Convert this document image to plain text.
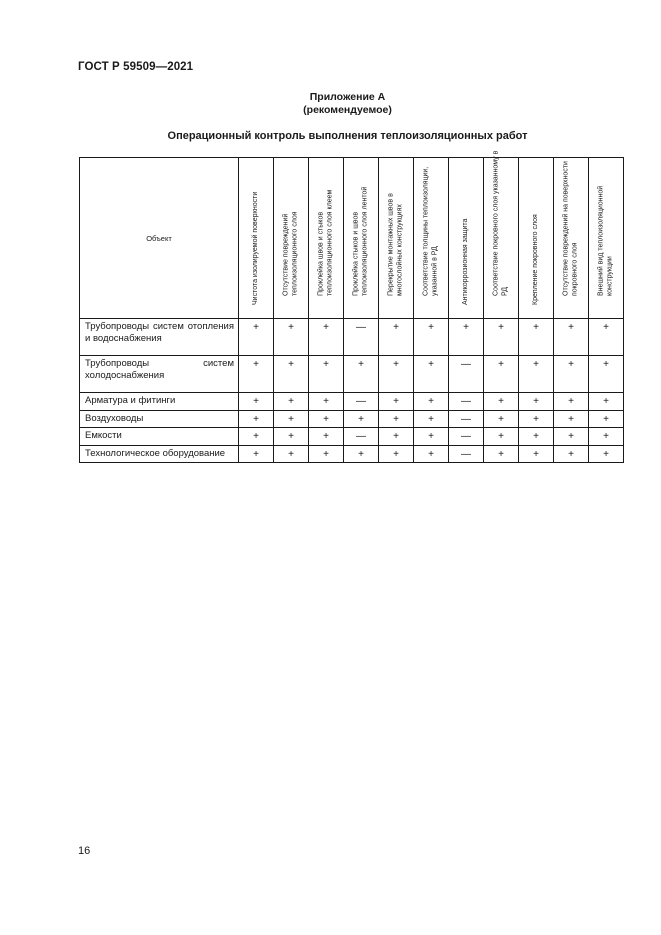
ГОСТ Р 59509—2021
Приложение А
(рекомендуемое)
Операционный контроль выполнения теплоизоляционных работ
Объект	Чистота изолируемой поверхности	Отсутствие повреждений теплоизоляционного слоя	Проклейка швов и стыков теплоизоляционного слоя клеем	Проклейка стыков и швов теплоизоляционного слоя лентой	Перекрытие монтажных швов в многослойных конструкциях	Соответствие толщины теплоизоляции, указанной в РД	Антикоррозионная защита	Соответствие покровного слоя указанному в РД	Крепление покровного слоя	Отсутствие повреждений на поверхности покровного слоя	Внешний вид теплоизоляционной конструкции

Трубопроводы систем отопления и водоснабжения	+	+	+	—	+	+	+	+	+	+	+
Трубопроводы систем холодоснабжения	+	+	+	+	+	+	—	+	+	+	+
Арматура и фитинги	+	+	+	—	+	+	—	+	+	+	+
Воздуховоды	+	+	+	+	+	+	—	+	+	+	+
Емкости	+	+	+	—	+	+	—	+	+	+	+
Технологическое оборудование	+	+	+	+	+	+	—	+	+	+	+
16
